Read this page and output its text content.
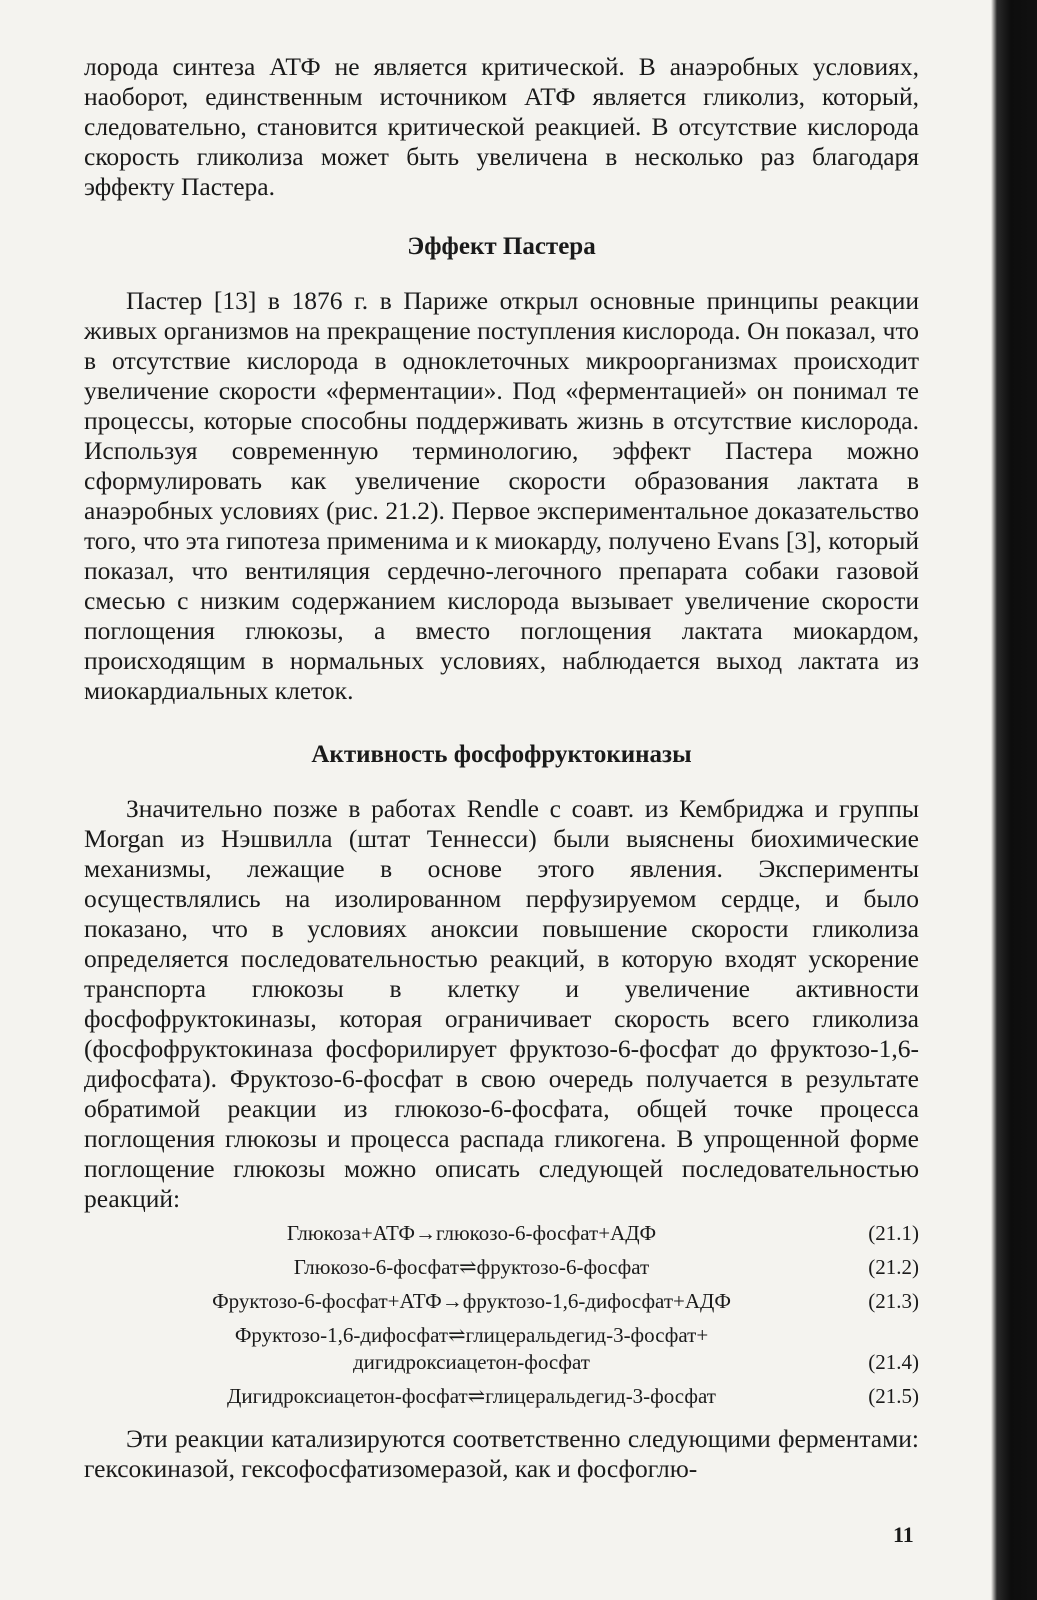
лорода синтеза АТФ не является критической. В анаэробных условиях, наоборот, единственным источником АТФ является гликолиз, который, следовательно, становится критической реакцией. В отсутствие кислорода скорость гликолиза может быть увеличена в несколько раз благодаря эффекту Пастера.

Эффект Пастера

Пастер [13] в 1876 г. в Париже открыл основные принципы реакции живых организмов на прекращение поступления кислорода. Он показал, что в отсутствие кислорода в одноклеточных микроорганизмах происходит увеличение скорости «ферментации». Под «ферментацией» он понимал те процессы, которые способны поддерживать жизнь в отсутствие кислорода. Используя современную терминологию, эффект Пастера можно сформулировать как увеличение скорости образования лактата в анаэробных условиях (рис. 21.2). Первое экспериментальное доказательство того, что эта гипотеза применима и к миокарду, получено Evans [3], который показал, что вентиляция сердечно-легочного препарата собаки газовой смесью с низким содержанием кислорода вызывает увеличение скорости поглощения глюкозы, а вместо поглощения лактата миокардом, происходящим в нормальных условиях, наблюдается выход лактата из миокардиальных клеток.

Активность фосфофруктокиназы

Значительно позже в работах Rendle с соавт. из Кембриджа и группы Morgan из Нэшвилла (штат Теннесси) были выяснены биохимические механизмы, лежащие в основе этого явления. Эксперименты осуществлялись на изолированном перфузируемом сердце, и было показано, что в условиях аноксии повышение скорости гликолиза определяется последовательностью реакций, в которую входят ускорение транспорта глюкозы в клетку и увеличение активности фосфофруктокиназы, которая ограничивает скорость всего гликолиза (фосфофруктокиназа фосфорилирует фруктозо-6-фосфат до фруктозо-1,6-дифосфата). Фруктозо-6-фосфат в свою очередь получается в результате обратимой реакции из глюкозо-6-фосфата, общей точке процесса поглощения глюкозы и процесса распада гликогена. В упрощенной форме поглощение глюкозы можно описать следующей последовательностью реакций:

Глюкоза+АТФ→глюкозо-6-фосфат+АДФ	(21.1)
Глюкозо-6-фосфат⇌фруктозо-6-фосфат	(21.2)
Фруктозо-6-фосфат+АТФ→фруктозо-1,6-дифосфат+АДФ	(21.3)
Фруктозо-1,6-дифосфат⇌глицеральдегид-3-фосфат+
дигидроксиацетон-фосфат	(21.4)
Дигидроксиацетон-фосфат⇌глицеральдегид-3-фосфат	(21.5)

Эти реакции катализируются соответственно следующими ферментами: гексокиназой, гексофосфатизомеразой, как и фосфоглю-

11
